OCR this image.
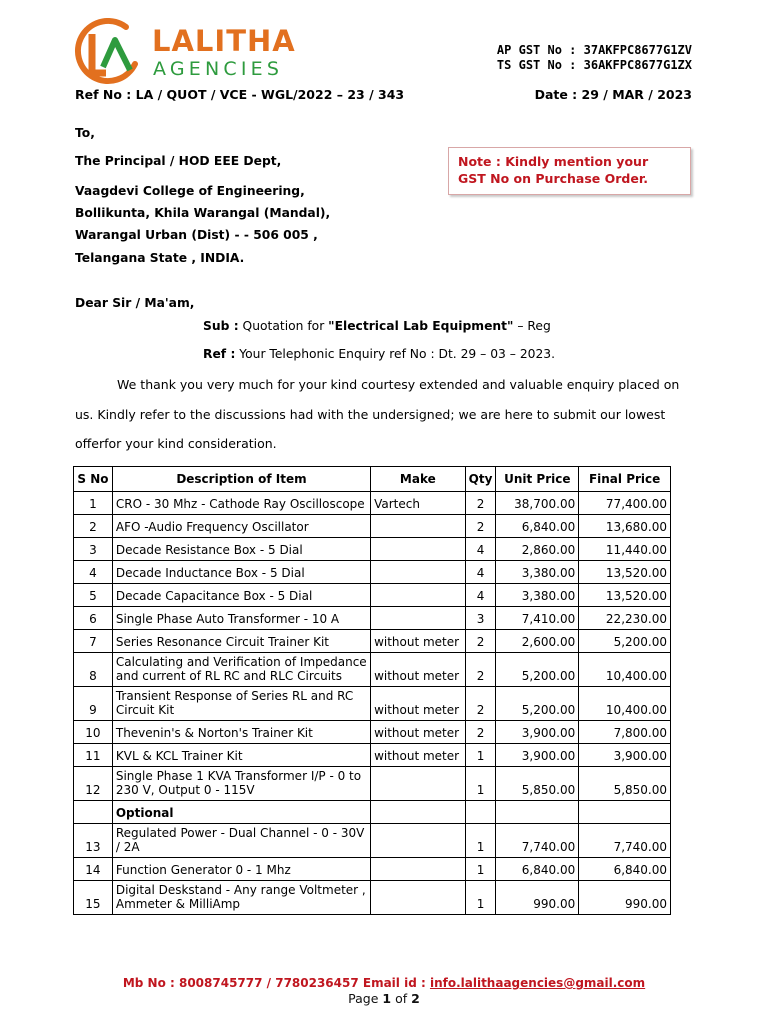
LALITHA
AGENCIES
AP GST No : 37AKFPC8677G1ZV
TS GST No : 36AKFPC8677G1ZX
Ref No : LA / QUOT / VCE - WGL/2022 – 23 / 343	Date : 29 / MAR / 2023
To,
The Principal / HOD EEE Dept,
Vaagdevi College of Engineering,
Bollikunta, Khila Warangal (Mandal),
Warangal Urban (Dist) - - 506 005 ,
Telangana State , INDIA.
Note : Kindly mention your
GST No on Purchase Order.
Dear Sir / Ma'am,
Sub : Quotation for "Electrical Lab Equipment" – Reg
Ref : Your Telephonic Enquiry ref No : Dt. 29 – 03 – 2023.
We thank you very much for your kind courtesy extended and valuable enquiry placed on
us. Kindly refer to the discussions had with the undersigned; we are here to submit our lowest
offerfor your kind consideration.
S No	Description of Item	Make	Qty	Unit Price	Final Price
1	CRO - 30 Mhz - Cathode Ray Oscilloscope	Vartech	2	38,700.00	77,400.00
2	AFO -Audio Frequency Oscillator		2	6,840.00	13,680.00
3	Decade Resistance Box - 5 Dial		4	2,860.00	11,440.00
4	Decade Inductance Box - 5 Dial		4	3,380.00	13,520.00
5	Decade Capacitance Box - 5 Dial		4	3,380.00	13,520.00
6	Single Phase Auto Transformer - 10 A		3	7,410.00	22,230.00
7	Series Resonance Circuit Trainer Kit	without meter	2	2,600.00	5,200.00
8	Calculating and Verification of Impedance and current of RL RC and RLC Circuits	without meter	2	5,200.00	10,400.00
9	Transient Response of Series RL and RC Circuit Kit	without meter	2	5,200.00	10,400.00
10	Thevenin's & Norton's Trainer Kit	without meter	2	3,900.00	7,800.00
11	KVL & KCL Trainer Kit	without meter	1	3,900.00	3,900.00
12	Single Phase 1 KVA Transformer I/P - 0 to 230 V, Output 0 - 115V		1	5,850.00	5,850.00
	Optional				
13	Regulated Power - Dual Channel - 0 - 30V / 2A		1	7,740.00	7,740.00
14	Function Generator 0 - 1 Mhz		1	6,840.00	6,840.00
15	Digital Deskstand - Any range Voltmeter , Ammeter & MilliAmp		1	990.00	990.00
Mb No : 8008745777 / 7780236457 Email id : info.lalithaagencies@gmail.com
Page 1 of 2
